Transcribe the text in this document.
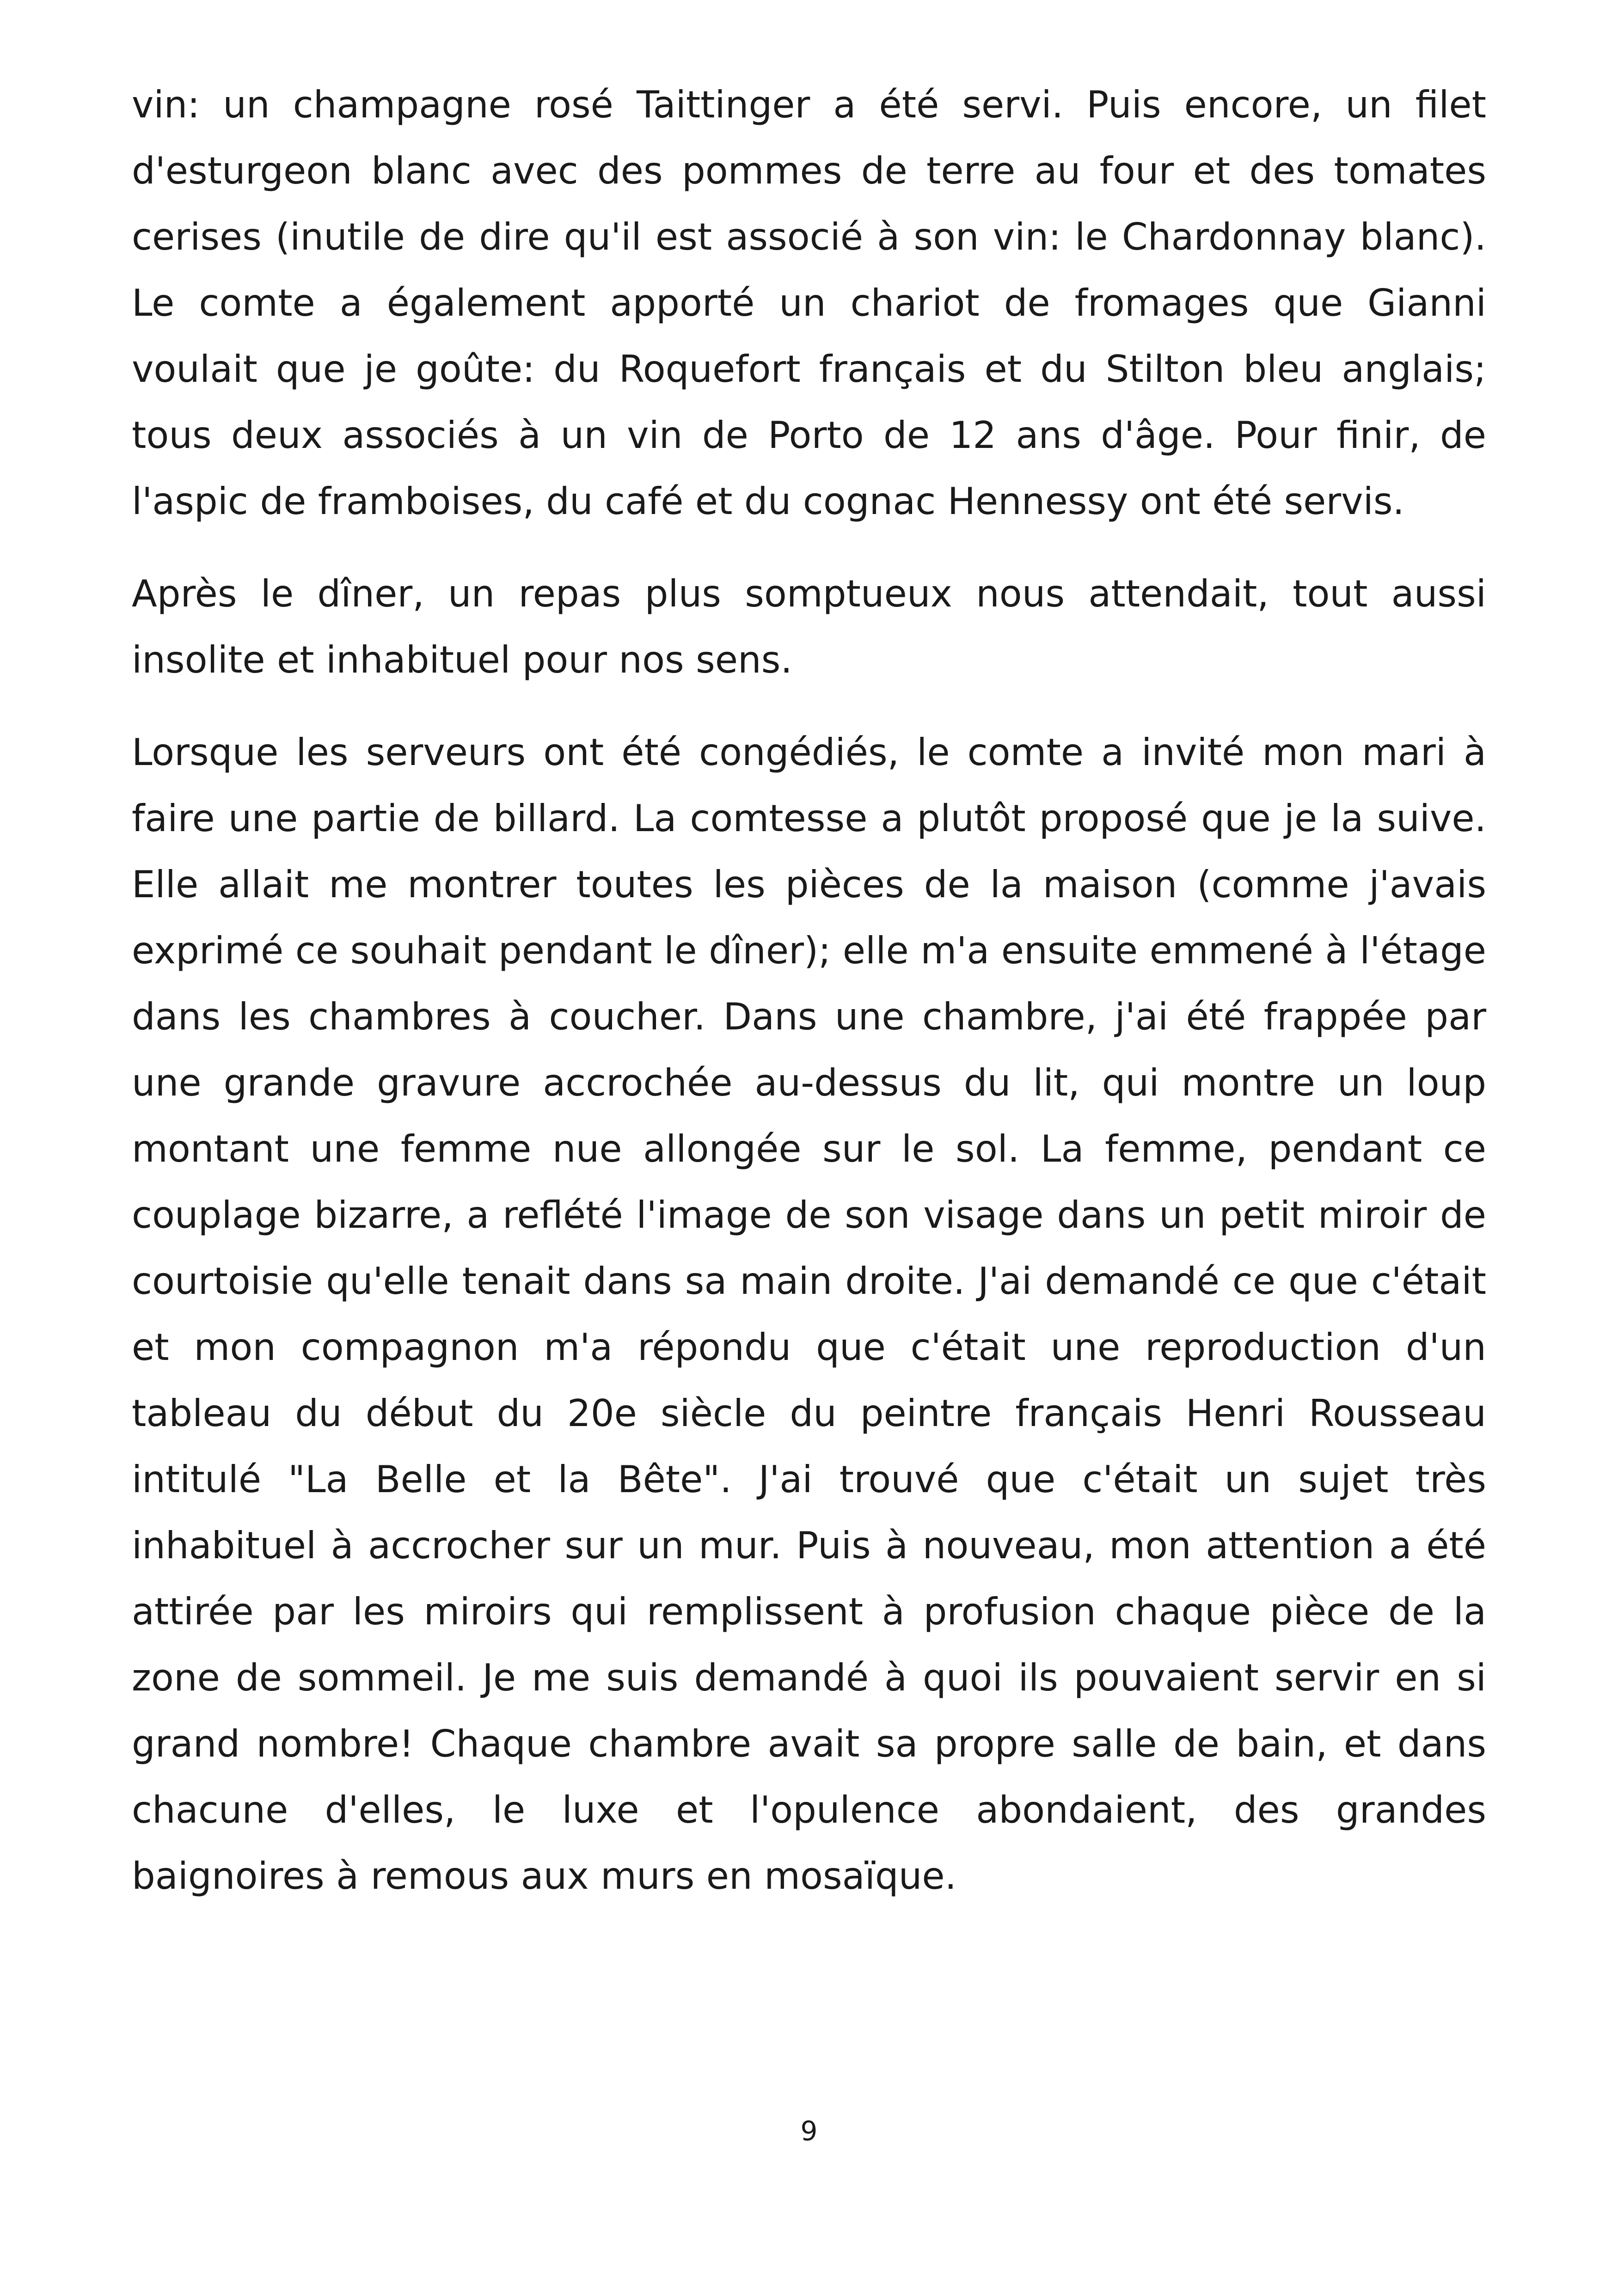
vin: un champagne rosé Taittinger a été servi. Puis encore, un filet d'esturgeon blanc avec des pommes de terre au four et des tomates cerises (inutile de dire qu'il est associé à son vin: le Chardonnay blanc). Le comte a également apporté un chariot de fromages que Gianni voulait que je goûte: du Roquefort français et du Stilton bleu anglais; tous deux associés à un vin de Porto de 12 ans d'âge. Pour finir, de l'aspic de framboises, du café et du cognac Hennessy ont été servis.

Après le dîner, un repas plus somptueux nous attendait, tout aussi insolite et inhabituel pour nos sens.

Lorsque les serveurs ont été congédiés, le comte a invité mon mari à faire une partie de billard. La comtesse a plutôt proposé que je la suive. Elle allait me montrer toutes les pièces de la maison (comme j'avais exprimé ce souhait pendant le dîner); elle m'a ensuite emmené à l'étage dans les chambres à coucher. Dans une chambre, j'ai été frappée par une grande gravure accrochée au-dessus du lit, qui montre un loup montant une femme nue allongée sur le sol. La femme, pendant ce couplage bizarre, a reflété l'image de son visage dans un petit miroir de courtoisie qu'elle tenait dans sa main droite. J'ai demandé ce que c'était et mon compagnon m'a répondu que c'était une reproduction d'un tableau du début du 20e siècle du peintre français Henri Rousseau intitulé "La Belle et la Bête". J'ai trouvé que c'était un sujet très inhabituel à accrocher sur un mur. Puis à nouveau, mon attention a été attirée par les miroirs qui remplissent à profusion chaque pièce de la zone de sommeil. Je me suis demandé à quoi ils pouvaient servir en si grand nombre! Chaque chambre avait sa propre salle de bain, et dans chacune d'elles, le luxe et l'opulence abondaient, des grandes baignoires à remous aux murs en mosaïque.

9
